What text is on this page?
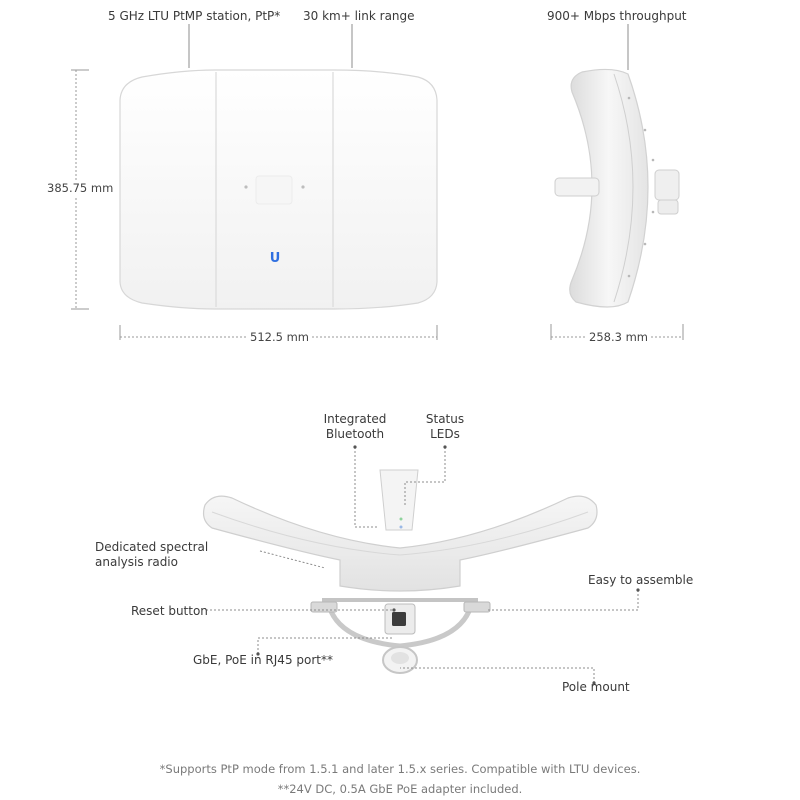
U
5 GHz LTU PtMP station, PtP* 30 km+ link range	900+ Mbps throughput
385.75 mm
512.5 mm	258.3 mm
Integrated
Bluetooth
Status
LEDs
Dedicated spectral
analysis radio
Easy to assemble
Reset button
GbE, PoE in RJ45 port**
Pole mount
*Supports PtP mode from 1.5.1 and later 1.5.x series. Compatible with LTU devices.
**24V DC, 0.5A GbE PoE adapter included.
